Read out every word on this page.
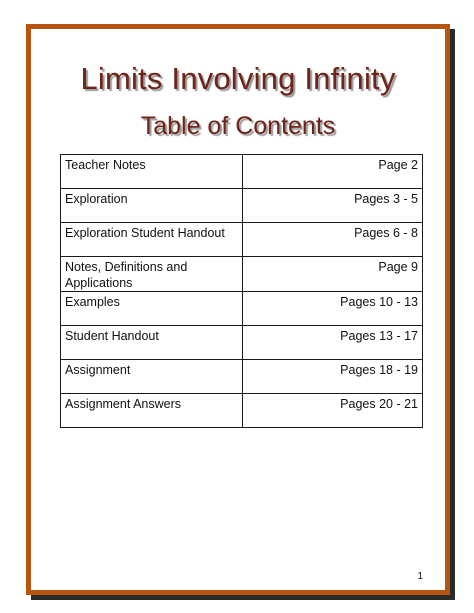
Limits Involving Infinity
Table of Contents
Teacher Notes	Page 2
Exploration	Pages 3 - 5
Exploration Student Handout	Pages 6 - 8
Notes, Definitions and Applications	Page 9
Examples	Pages 10 - 13
Student Handout	Pages 13 - 17
Assignment	Pages 18 - 19
Assignment Answers	Pages 20 - 21
1
